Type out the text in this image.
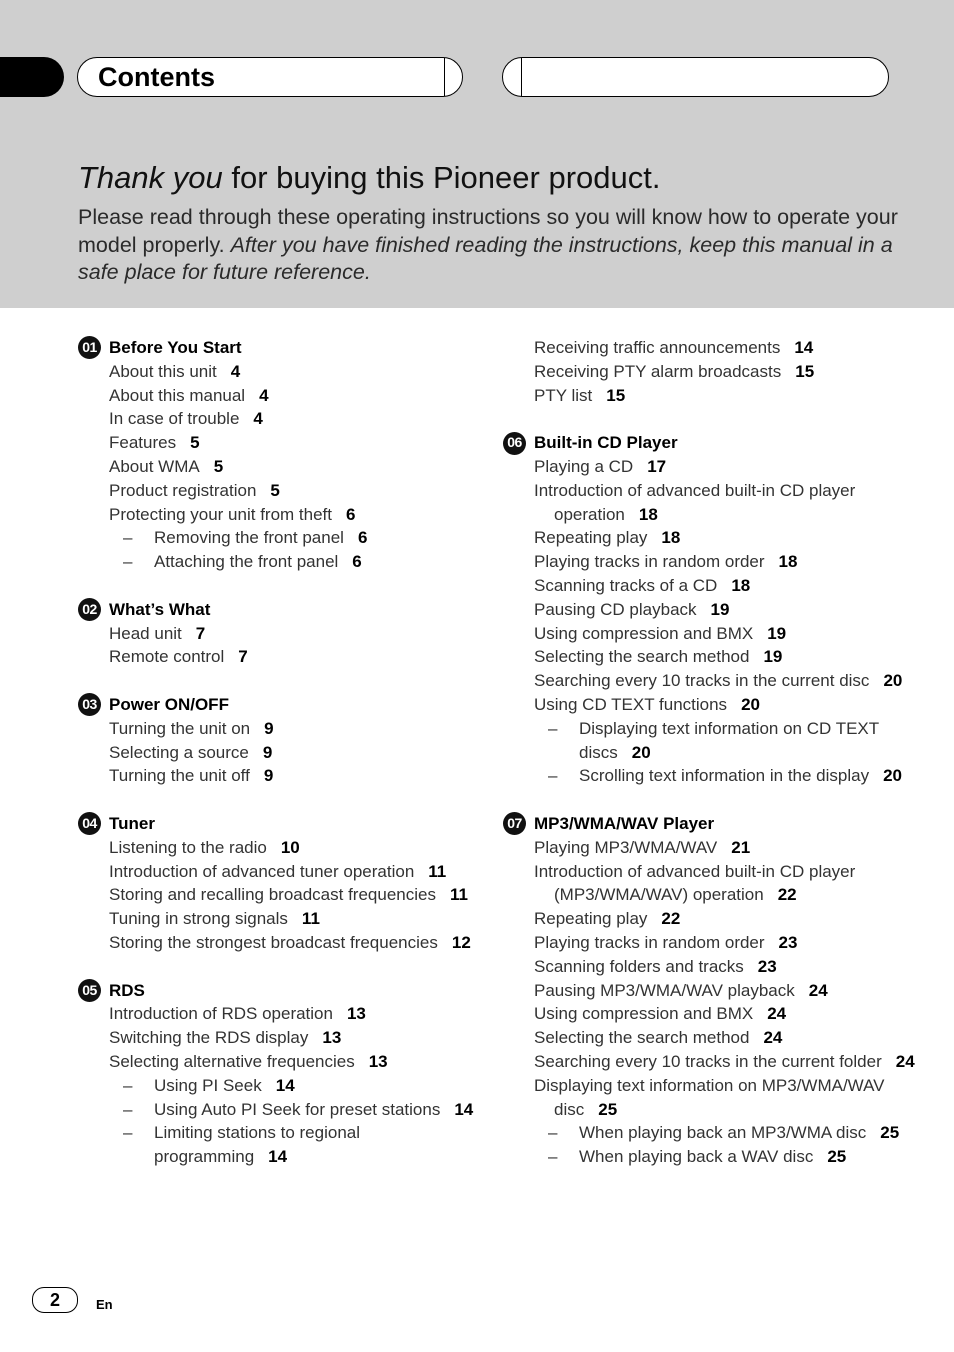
Contents
Thank you for buying this Pioneer product.
Please read through these operating instructions so you will know how to operate your model properly. After you have finished reading the instructions, keep this manual in a safe place for future reference.
01 Before You Start
About this unit 4
About this manual 4
In case of trouble 4
Features 5
About WMA 5
Product registration 5
Protecting your unit from theft 6
– Removing the front panel 6
– Attaching the front panel 6
02 What’s What
Head unit 7
Remote control 7
03 Power ON/OFF
Turning the unit on 9
Selecting a source 9
Turning the unit off 9
04 Tuner
Listening to the radio 10
Introduction of advanced tuner operation 11
Storing and recalling broadcast frequencies 11
Tuning in strong signals 11
Storing the strongest broadcast frequencies 12
05 RDS
Introduction of RDS operation 13
Switching the RDS display 13
Selecting alternative frequencies 13
– Using PI Seek 14
– Using Auto PI Seek for preset stations 14
– Limiting stations to regional programming 14
Receiving traffic announcements 14
Receiving PTY alarm broadcasts 15
PTY list 15
06 Built-in CD Player
Playing a CD 17
Introduction of advanced built-in CD player operation 18
Repeating play 18
Playing tracks in random order 18
Scanning tracks of a CD 18
Pausing CD playback 19
Using compression and BMX 19
Selecting the search method 19
Searching every 10 tracks in the current disc 20
Using CD TEXT functions 20
– Displaying text information on CD TEXT discs 20
– Scrolling text information in the display 20
07 MP3/WMA/WAV Player
Playing MP3/WMA/WAV 21
Introduction of advanced built-in CD player (MP3/WMA/WAV) operation 22
Repeating play 22
Playing tracks in random order 23
Scanning folders and tracks 23
Pausing MP3/WMA/WAV playback 24
Using compression and BMX 24
Selecting the search method 24
Searching every 10 tracks in the current folder 24
Displaying text information on MP3/WMA/WAV disc 25
– When playing back an MP3/WMA disc 25
– When playing back a WAV disc 25
2	En
